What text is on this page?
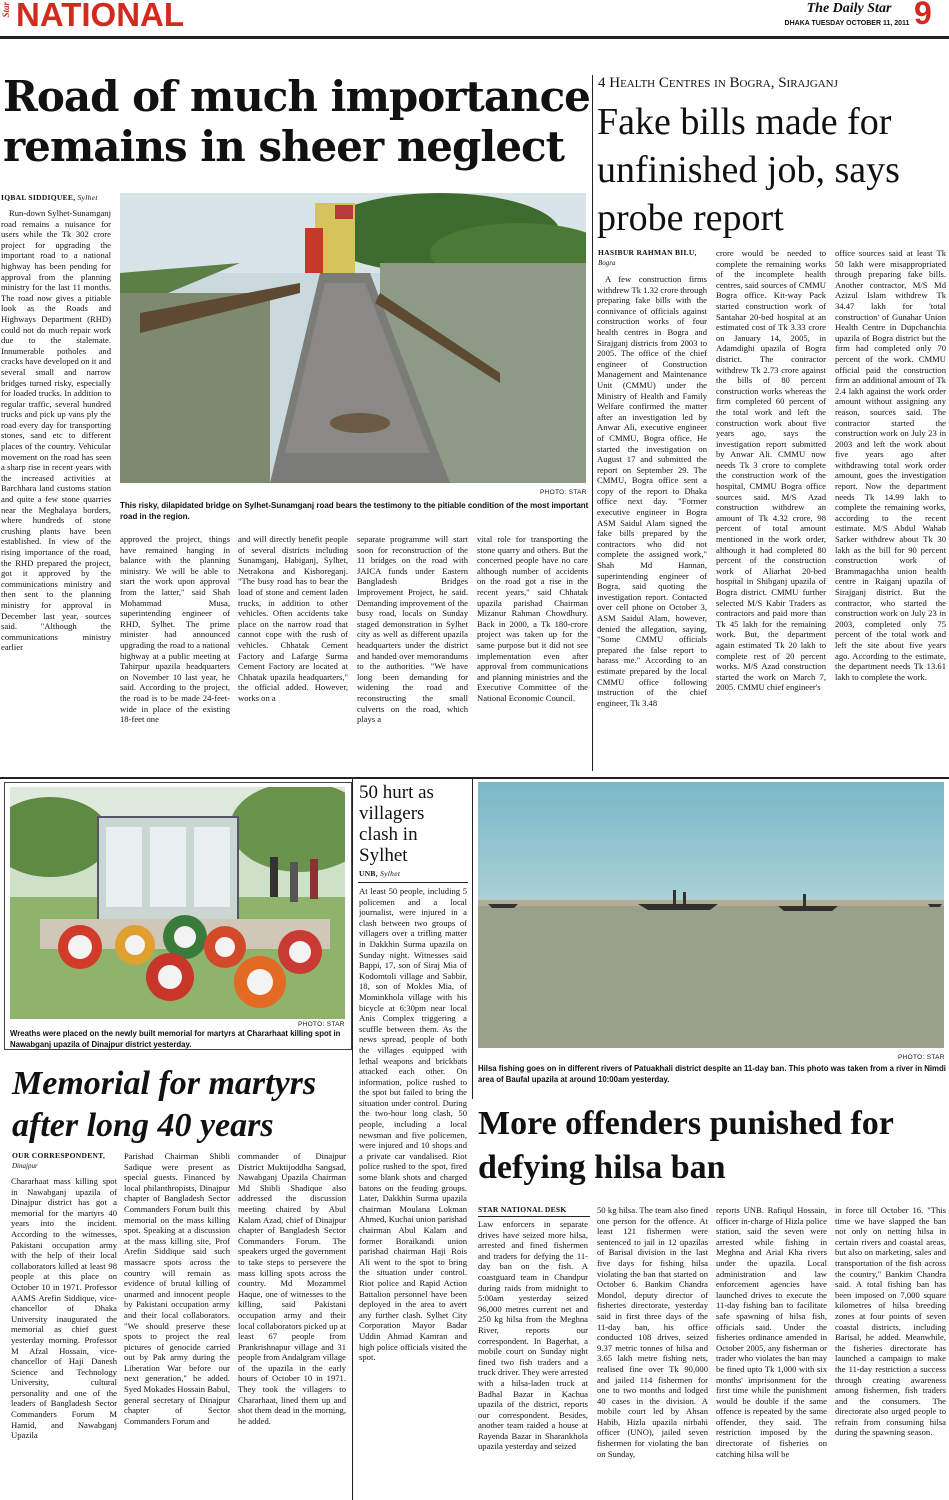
Star NATIONAL	The Daily Star
DHAKA TUESDAY OCTOBER 11, 2011 9
Road of much importance remains in sheer neglect
IQBAL SIDDIQUEE, Sylhet

Run-down Sylhet-Sunamganj road remains a nuisance for users while the Tk 302 crore project for upgrading the important road to a national highway has been pending for approval from the planning ministry for the last 11 months. The road now gives a pitiable look as the Roads and Highways Department (RHD) could not do much repair work due to the stalemate. Innumerable potholes and cracks have developed on it and several small and narrow bridges turned risky, especially for loaded trucks. In addition to regular traffic, several hundred trucks and pick up vans ply the road every day for transporting stones, sand etc to different places of the country. Vehicular movement on the road has seen a sharp rise in recent years with the increased activities at Barchhara land customs station and quite a few stone quarries near the Meghalaya borders, where hundreds of stone crushing plants have been established. In view of the rising importance of the road, the RHD prepared the project, got it approved by the communications ministry and then sent to the planning ministry for approval in December last year, sources said. "Although the communications ministry earlier

PHOTO: STAR
This risky, dilapidated bridge on Sylhet-Sunamganj road bears the testimony to the pitiable condition of the most important road in the region.

approved the project, things have remained hanging in balance with the planning ministry. We will be able to start the work upon approval from the latter," said Shah Mohammad Musa, superintending engineer of RHD, Sylhet. The prime minister had announced upgrading the road to a national highway at a public meeting at Tahirpur upazila headquarters on November 10 last year, he said. According to the project, the road is to be made 24-feet-wide in place of the existing 18-feet one

and will directly benefit people of several districts including Sunamganj, Habiganj, Sylhet, Netrakona and Kishoreganj. "The busy road has to bear the load of stone and cement laden trucks, in addition to other vehicles. Often accidents take place on the narrow road that cannot cope with the rush of vehicles. Chhatak Cement Factory and Lafarge Surma Cement Factory are located at Chhatak upazila headquarters," the official added. However, works on a

separate programme will start soon for reconstruction of the 11 bridges on the road with JAICA funds under Eastern Bangladesh Bridges Improvement Project, he said. Demanding improvement of the busy road, locals on Sunday staged demonstration in Sylhet city as well as different upazila headquarters under the district and handed over memorandums to the authorities. "We have long been demanding for widening the road and reconstructing the small culverts on the road, which plays a

vital role for transporting the stone quarry and others. But the concerned people have no care although number of accidents on the road got a rise in the recent years," said Chhatak upazila parishad Chairman Mizanur Rahman Chowdhury. Back in 2000, a Tk 180-crore project was taken up for the same purpose but it did not see implementation even after approval from communications and planning ministries and the Executive Committee of the National Economic Council.

4 Health Centres in Bogra, Sirajganj
Fake bills made for unfinished job, says probe report
HASIBUR RAHMAN BILU,
Bogra

A few construction firms withdrew Tk 1.32 crore through preparing fake bills with the connivance of officials against construction works of four health centres in Bogra and Sirajganj districts from 2003 to 2005. The office of the chief engineer of Construction Management and Maintenance Unit (CMMU) under the Ministry of Health and Family Welfare confirmed the matter after an investigation led by Anwar Ali, executive engineer of CMMU, Bogra office. He started the investigation on August 17 and submitted the report on September 29. The CMMU, Bogra office sent a copy of the report to Dhaka office next day. "Former executive engineer in Bogra ASM Saidul Alam signed the fake bills prepared by the contractors who did not complete the assigned work," Shah Md Hannan, superintending engineer of Bogra, said quoting the investigation report. Contacted over cell phone on October 3, ASM Saidul Alam, however, denied the allegation, saying, "Some CMMU officials prepared the false report to harass me." According to an estimate prepared by the local CMMU office following instruction of the chief engineer, Tk 3.48

crore would be needed to complete the remaining works of the incomplete health centres, said sources of CMMU Bogra office. Kit-way Pack started construction work of Santahar 20-bed hospital at an estimated cost of Tk 3.33 crore on January 14, 2005, in Adamdighi upazila of Bogra district. The contractor withdrew Tk 2.73 crore against the bills of 80 percent construction works whereas the firm completed 60 percent of the total work and left the construction work about five years ago, says the investigation report submitted by Anwar Ali. CMMU now needs Tk 3 crore to complete the construction work of the hospital, CMMU Bogra office sources said. M/S Azad construction withdrew an amount of Tk 4.32 crore, 98 percent of total amount mentioned in the work order, although it had completed 80 percent of the construction work of Aliarhat 20-bed hospital in Shibganj upazila of Bogra district. CMMU further selected M/S Kabir Traders as contractors and paid more than Tk 45 lakh for the remaining work. But, the department again estimated Tk 20 lakh to complete rest of 20 percent works. M/S Azad construction started the work on March 7, 2005. CMMU chief engineer's

office sources said at least Tk 50 lakh were misappropriated through preparing fake bills. Another contractor, M/S Md Azizul Islam withdrew Tk 34.47 lakh for 'total construction' of Gunahar Union Health Centre in Dupchanchia upazila of Bogra district but the firm had completed only 70 percent of the work. CMMU official paid the construction firm an additional amount of Tk 2.4 lakh against the work order amount without assigning any reason, sources said. The contractor started the construction work on July 23 in 2003 and left the work about five years ago after withdrawing total work order amount, goes the investigation report. Now the department needs Tk 14.99 lakh to complete the remaining works, according to the recent estimate. M/S Abdul Wahab Sarker withdrew about Tk 30 lakh as the bill for 90 percent construction work of Brammagachha union health centre in Raiganj upazila of Sirajganj district. But the contractor, who started the construction work on July 23 in 2003, completed only 75 percent of the total work and left the site about five years ago. According to the estimate, the department needs Tk 13.61 lakh to complete the work.

PHOTO: STAR
Wreaths were placed on the newly built memorial for martyrs at Chararhaat killing spot in Nawabganj upazila of Dinajpur district yesterday.
Memorial for martyrs after long 40 years
OUR CORRESPONDENT,
Dinajpur

Chararhaat mass killing spot in Nawabganj upazila of Dinajpur district has got a memorial for the martyrs 40 years into the incident. According to the witnesses, Pakistani occupation army with the help of their local collaborators killed at least 98 people at this place on October 10 in 1971. Professor AAMS Arefin Siddique, vice-chancellor of Dhaka University inaugurated the memorial as chief guest yesterday morning. Professor M Afzal Hossain, vice-chancellor of Haji Danesh Science and Technology University, cultural personality and one of the leaders of Bangladesh Sector Commanders Forum M Hamid, and Nawabganj Upazila

Parishad Chairman Shibli Sadique were present as special guests. Financed by local philanthropists, Dinajpur chapter of Bangladesh Sector Commanders Forum built this memorial on the mass killing spot. Speaking at a discussion at the mass killing site, Prof Arefin Siddique said such massacre spots across the country will remain as evidence of brutal killing of unarmed and innocent people by Pakistani occupation army and their local collaborators. "We should preserve these spots to project the real pictures of genocide carried out by Pak army during the Liberation War before our next generation," he added. Syed Mokades Hossain Babul, general secretary of Dinajpur chapter of Sector Commanders Forum and

commander of Dinajpur District Muktijoddha Sangsad, Nawabganj Upazila Chairman Md Shibli Shadique also addressed the discussion meeting chaired by Abul Kalam Azad, chief of Dinajpur chapter of Bangladesh Sector Commanders Forum. The speakers urged the government to take steps to persevere the mass killing spots across the country. Md Mozammel Haque, one of witnesses to the killing, said Pakistani occupation army and their local collaborators picked up at least 67 people from Prankrishnapur village and 31 people from Andalgram village of the upazila in the early hours of October 10 in 1971. They took the villagers to Chararhaat, lined them up and shot them dead in the morning, he added.

50 hurt as villagers clash in Sylhet
UNB, Sylhet

At least 50 people, including 5 policemen and a local journalist, were injured in a clash between two groups of villagers over a trifling matter in Dakkhin Surma upazila on Sunday night. Witnesses said Bappi, 17, son of Siraj Mia of Kodomtoli village and Sabbir, 18, son of Mokles Mia, of Mominkhola village with his bicycle at 6:30pm near local Anis Complex triggering a scuffle between them. As the news spread, people of both the villages equipped with lethal weapons and brickbats attacked each other. On information, police rushed to the spot but failed to bring the situation under control. During the two-hour long clash, 50 people, including a local newsman and five policemen, were injured and 10 shops and a private car vandalised. Riot police rushed to the spot, fired some blank shots and charged batons on the feuding groups. Later, Dakkhin Surma upazila chairman Moulana Lokman Ahmed, Kuchai union parishad chairman Abul Kalam and former Boraikandi union parishad chairman Haji Rois Ali went to the spot to bring the situation under control. Riot police and Rapid Action Battalion personnel have been deployed in the area to avert any further clash. Sylhet City Corporation Mayor Badar Uddin Ahmad Kamran and high police officials visited the spot.

PHOTO: STAR
Hilsa fishing goes on in different rivers of Patuakhali district despite an 11-day ban. This photo was taken from a river in Nimdi area of Baufal upazila at around 10:00am yesterday.
More offenders punished for defying hilsa ban
STAR NATIONAL DESK

Law enforcers in separate drives have seized more hilsa, arrested and fined fishermen and traders for defying the 11-day ban on the fish. A coastguard team in Chandpur during raids from midnight to 5:00am yesterday seized 96,000 metres current net and 250 kg hilsa from the Meghna River, reports our correspondent. In Bagerhat, a mobile court on Sunday night fined two fish traders and a truck driver. They were arrested with a hilsa-laden truck at Badhal Bazar in Kachua upazila of the district, reports our correspondent. Besides, another team raided a house at Rayenda Bazar in Sharankhola upazila yesterday and seized

50 kg hilsa. The team also fined one person for the offence. At least 121 fishermen were sentenced to jail in 12 upazilas of Barisal division in the last five days for fishing hilsa violating the ban that started on October 6. Bankim Chandra Mondol, deputy director of fisheries directorate, yesterday said in first three days of the 11-day ban, his office conducted 108 drives, seized 9.37 metric tonnes of hilsa and 3.65 lakh metre fishing nets, realised fine over Tk 90,000 and jailed 114 fishermen for one to two months and lodged 40 cases in the division. A mobile court led by Ahsan Habib, Hizla upazila nirbahi officer (UNO), jailed seven fishermen for violating the ban on Sunday,

reports UNB. Rafiqul Hossain, officer in-charge of Hizla police station, said the seven were arrested while fishing in Meghna and Arial Kha rivers under the upazila. Local administration and law enforcement agencies have launched drives to execute the 11-day fishing ban to facilitate safe spawning of hilsa fish, officials said. Under the fisheries ordinance amended in October 2005, any fisherman or trader who violates the ban may be fined upto Tk 1,000 with six months' imprisonment for the first time while the punishment would be double if the same offence is repeated by the same offender, they said. The restriction imposed by the directorate of fisheries on catching hilsa will be

in force till October 16. "This time we have slapped the ban not only on netting hilsa in certain rivers and coastal areas, but also on marketing, sales and transportation of the fish across the country," Bankim Chandra said. A total fishing ban has been imposed on 7,000 square kilometres of hilsa breeding zones at four points of seven coastal districts, including Barisal, he added. Meanwhile, the fisheries directorate has launched a campaign to make the 11-day restriction a success through creating awareness among fishermen, fish traders and the consumers. The directorate also urged people to refrain from consuming hilsa during the spawning season.
